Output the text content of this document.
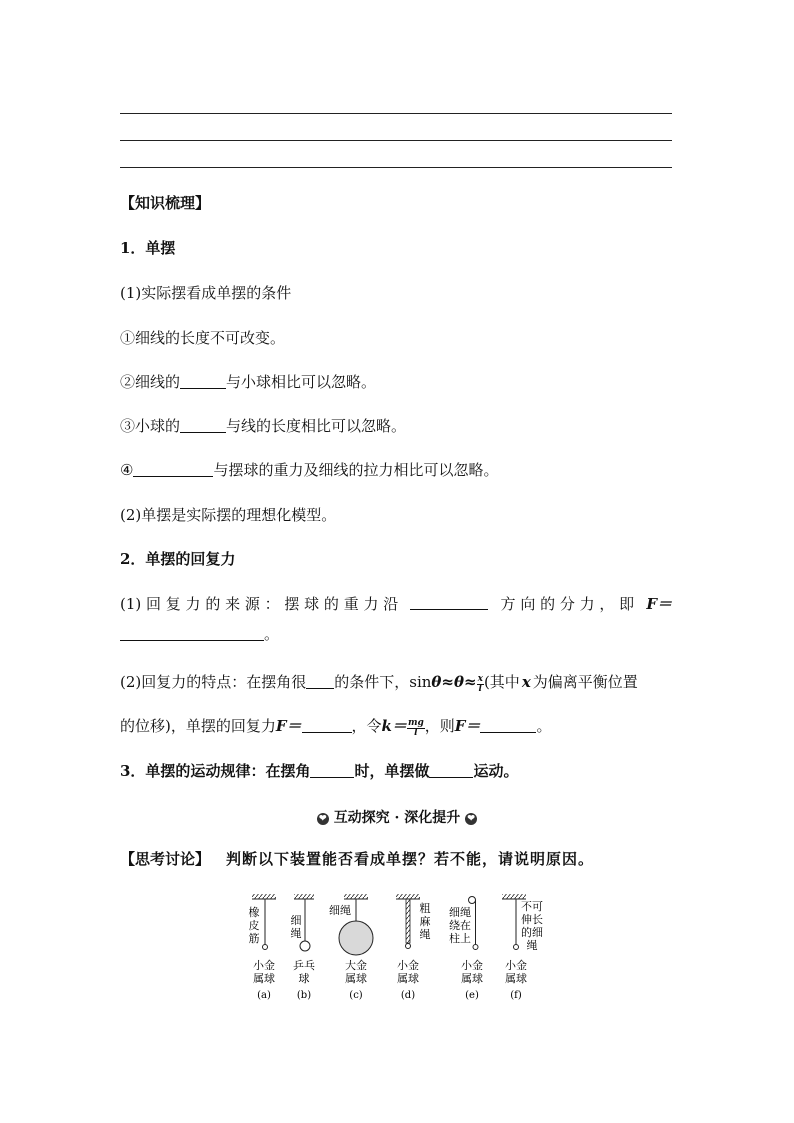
【知识梳理】
1．单摆
(1)实际摆看成单摆的条件
①细线的长度不可改变。
②细线的	与小球相比可以忽略。
③小球的	与线的长度相比可以忽略。
④	与摆球的重力及细线的拉力相比可以忽略。
(2)单摆是实际摆的理想化模型。
2．单摆的回复力
(1) 回 复 力 的 来 源 ： 摆 球 的 重 力 沿	方 向 的 分 力 ， 即 F＝
。
(2)回复力的特点：在摆角很 的条件下，$\sin\theta\approx\theta\approx \frac{x}{l}$ (其中 x 为偏离平衡位置
的位移)，单摆的回复力F＝	，令$k= \frac{mg}{l}$ ，则F＝	。
3．单摆的运动规律：在摆角	时，单摆做	运动。
❤ 互动探究 · 深化提升 ❤
【思考讨论】 判断以下装置能否看成单摆？若不能，请说明原因。
橡
皮
筋
小金
属球
(a)
细
绳
乒乓
球
(b)
细绳
大金
属球
(c)
粗
麻
绳
小金
属球
(d)
细绳
绕在
柱上
小金
属球
(e)
不可
伸长
的细
绳
小金
属球
(f)
